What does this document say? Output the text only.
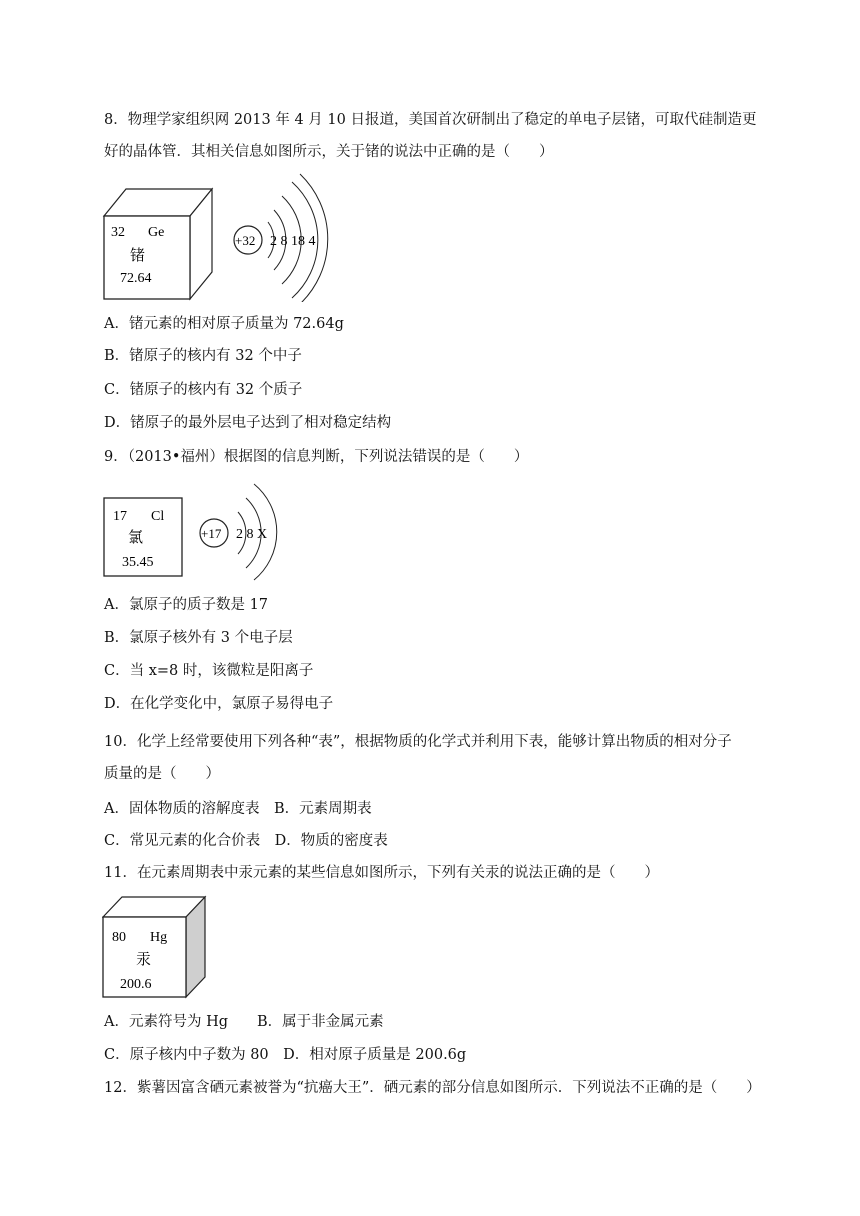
8．物理学家组织网 2013 年 4 月 10 日报道，美国首次研制出了稳定的单电子层锗，可取代硅制造更
好的晶体管．其相关信息如图所示，关于锗的说法中正确的是（　　）
32 Ge
锗
72.64
+32 2 8 18 4
A．锗元素的相对原子质量为 72.64g
B．锗原子的核内有 32 个中子
C．锗原子的核内有 32 个质子
D．锗原子的最外层电子达到了相对稳定结构
9．（2013•福州）根据图的信息判断，下列说法错误的是（　　）
17 Cl
氯
35.45
+17 2 8 X
A．氯原子的质子数是 17
B．氯原子核外有 3 个电子层
C．当 x=8 时，该微粒是阳离子
D．在化学变化中，氯原子易得电子
10．化学上经常要使用下列各种“表”，根据物质的化学式并利用下表，能够计算出物质的相对分子
质量的是（　　）
A．固体物质的溶解度表　B．元素周期表
C．常见元素的化合价表　D．物质的密度表
11．在元素周期表中汞元素的某些信息如图所示，下列有关汞的说法正确的是（　　）
80 Hg
汞
200.6
A．元素符号为 Hg　　B．属于非金属元素
C．原子核内中子数为 80　D．相对原子质量是 200.6g
12．紫薯因富含硒元素被誉为“抗癌大王”．硒元素的部分信息如图所示．下列说法不正确的是（　　）
